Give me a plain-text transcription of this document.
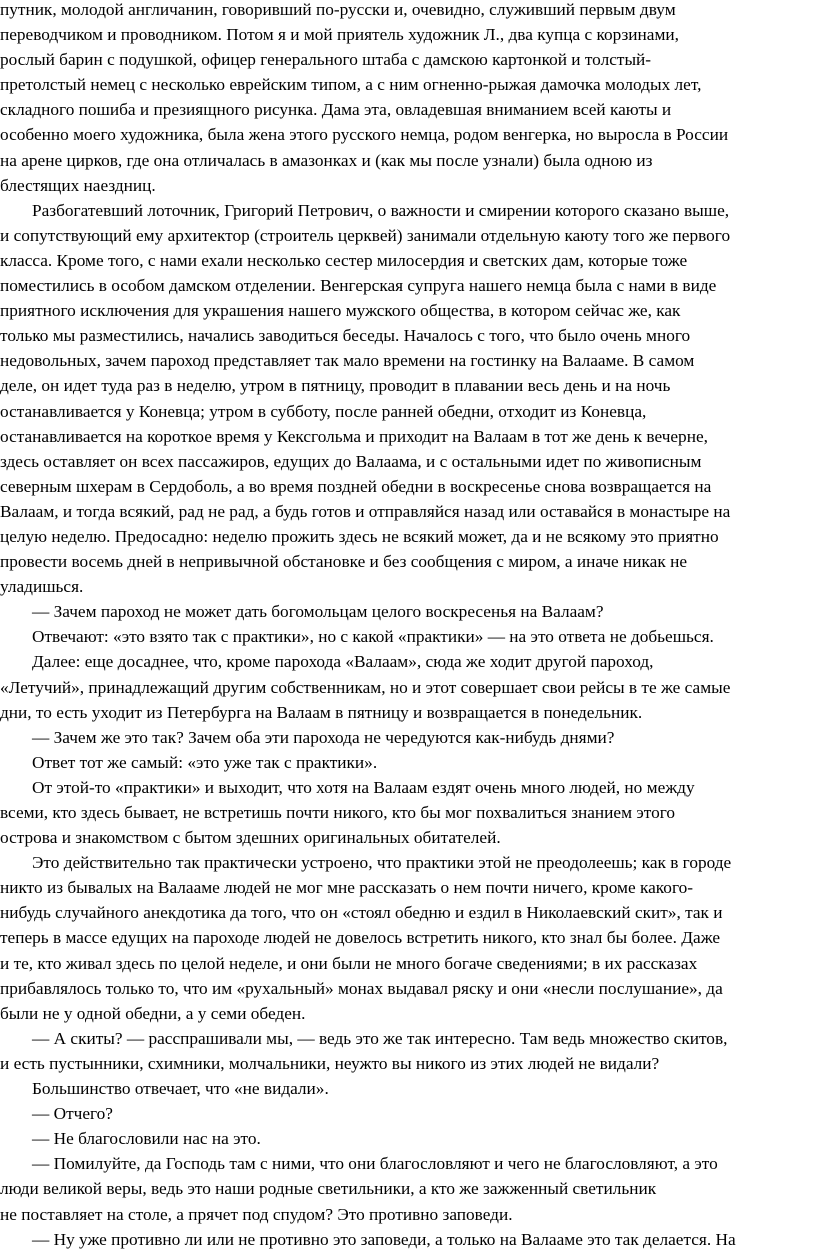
путник, молодой англичанин, говоривший по-русски и, очевидно, служивший первым двум
переводчиком и проводником. Потом я и мой приятель художник Л., два купца с корзинами,
рослый барин с подушкой, офицер генерального штаба с дамскою картонкой и толстый-
претолстый немец с несколько еврейским типом, а с ним огненно-рыжая дамочка молодых лет,
складного пошиба и презиящного рисунка. Дама эта, овладевшая вниманием всей каюты и
особенно моего художника, была жена этого русского немца, родом венгерка, но выросла в России
на арене цирков, где она отличалась в амазонках и (как мы после узнали) была одною из
блестящих наездниц.
Разбогатевший лоточник, Григорий Петрович, о важности и смирении которого сказано выше,
и сопутствующий ему архитектор (строитель церквей) занимали отдельную каюту того же первого
класса. Кроме того, с нами ехали несколько сестер милосердия и светских дам, которые тоже
поместились в особом дамском отделении. Венгерская супруга нашего немца была с нами в виде
приятного исключения для украшения нашего мужского общества, в котором сейчас же, как
только мы разместились, начались заводиться беседы. Началось с того, что было очень много
недовольных, зачем пароход представляет так мало времени на гостинку на Валааме. В самом
деле, он идет туда раз в неделю, утром в пятницу, проводит в плавании весь день и на ночь
останавливается у Коневца; утром в субботу, после ранней обедни, отходит из Коневца,
останавливается на короткое время у Кексгольма и приходит на Валаам в тот же день к вечерне,
здесь оставляет он всех пассажиров, едущих до Валаама, и с остальными идет по живописным
северным шхерам в Сердоболь, а во время поздней обедни в воскресенье снова возвращается на
Валаам, и тогда всякий, рад не рад, а будь готов и отправляйся назад или оставайся в монастыре на
целую неделю. Предосадно: неделю прожить здесь не всякий может, да и не всякому это приятно
провести восемь дней в непривычной обстановке и без сообщения с миром, а иначе никак не
уладишься.
— Зачем пароход не может дать богомольцам целого воскресенья на Валаам?
Отвечают: «это взято так с практики», но с какой «практики» — на это ответа не добьешься.
Далее: еще досаднее, что, кроме парохода «Валаам», сюда же ходит другой пароход,
«Летучий», принадлежащий другим собственникам, но и этот совершает свои рейсы в те же самые
дни, то есть уходит из Петербурга на Валаам в пятницу и возвращается в понедельник.
— Зачем же это так? Зачем оба эти парохода не чередуются как-нибудь днями?
Ответ тот же самый: «это уже так с практики».
От этой-то «практики» и выходит, что хотя на Валаам ездят очень много людей, но между
всеми, кто здесь бывает, не встретишь почти никого, кто бы мог похвалиться знанием этого
острова и знакомством с бытом здешних оригинальных обитателей.
Это действительно так практически устроено, что практики этой не преодолеешь; как в городе
никто из бывалых на Валааме людей не мог мне рассказать о нем почти ничего, кроме какого-
нибудь случайного анекдотика да того, что он «стоял обедню и ездил в Николаевский скит», так и
теперь в массе едущих на пароходе людей не довелось встретить никого, кто знал бы более. Даже
и те, кто живал здесь по целой неделе, и они были не много богаче сведениями; в их рассказах
прибавлялось только то, что им «рухальный» монах выдавал ряску и они «несли послушание», да
были не у одной обедни, а у семи обеден.
— А скиты? — расспрашивали мы, — ведь это же так интересно. Там ведь множество скитов,
и есть пустынники, схимники, молчальники, неужто вы никого из этих людей не видали?
Большинство отвечает, что «не видали».
— Отчего?
— Не благословили нас на это.
— Помилуйте, да Господь там с ними, что они благословляют и чего не благословляют, а это
люди великой веры, ведь это наши родные светильники, а кто же зажженный светильник
не поставляет на столе, а прячет под спудом? Это противно заповеди.
— Ну уже противно ли или не противно это заповеди, а только на Валааме это так делается. На
